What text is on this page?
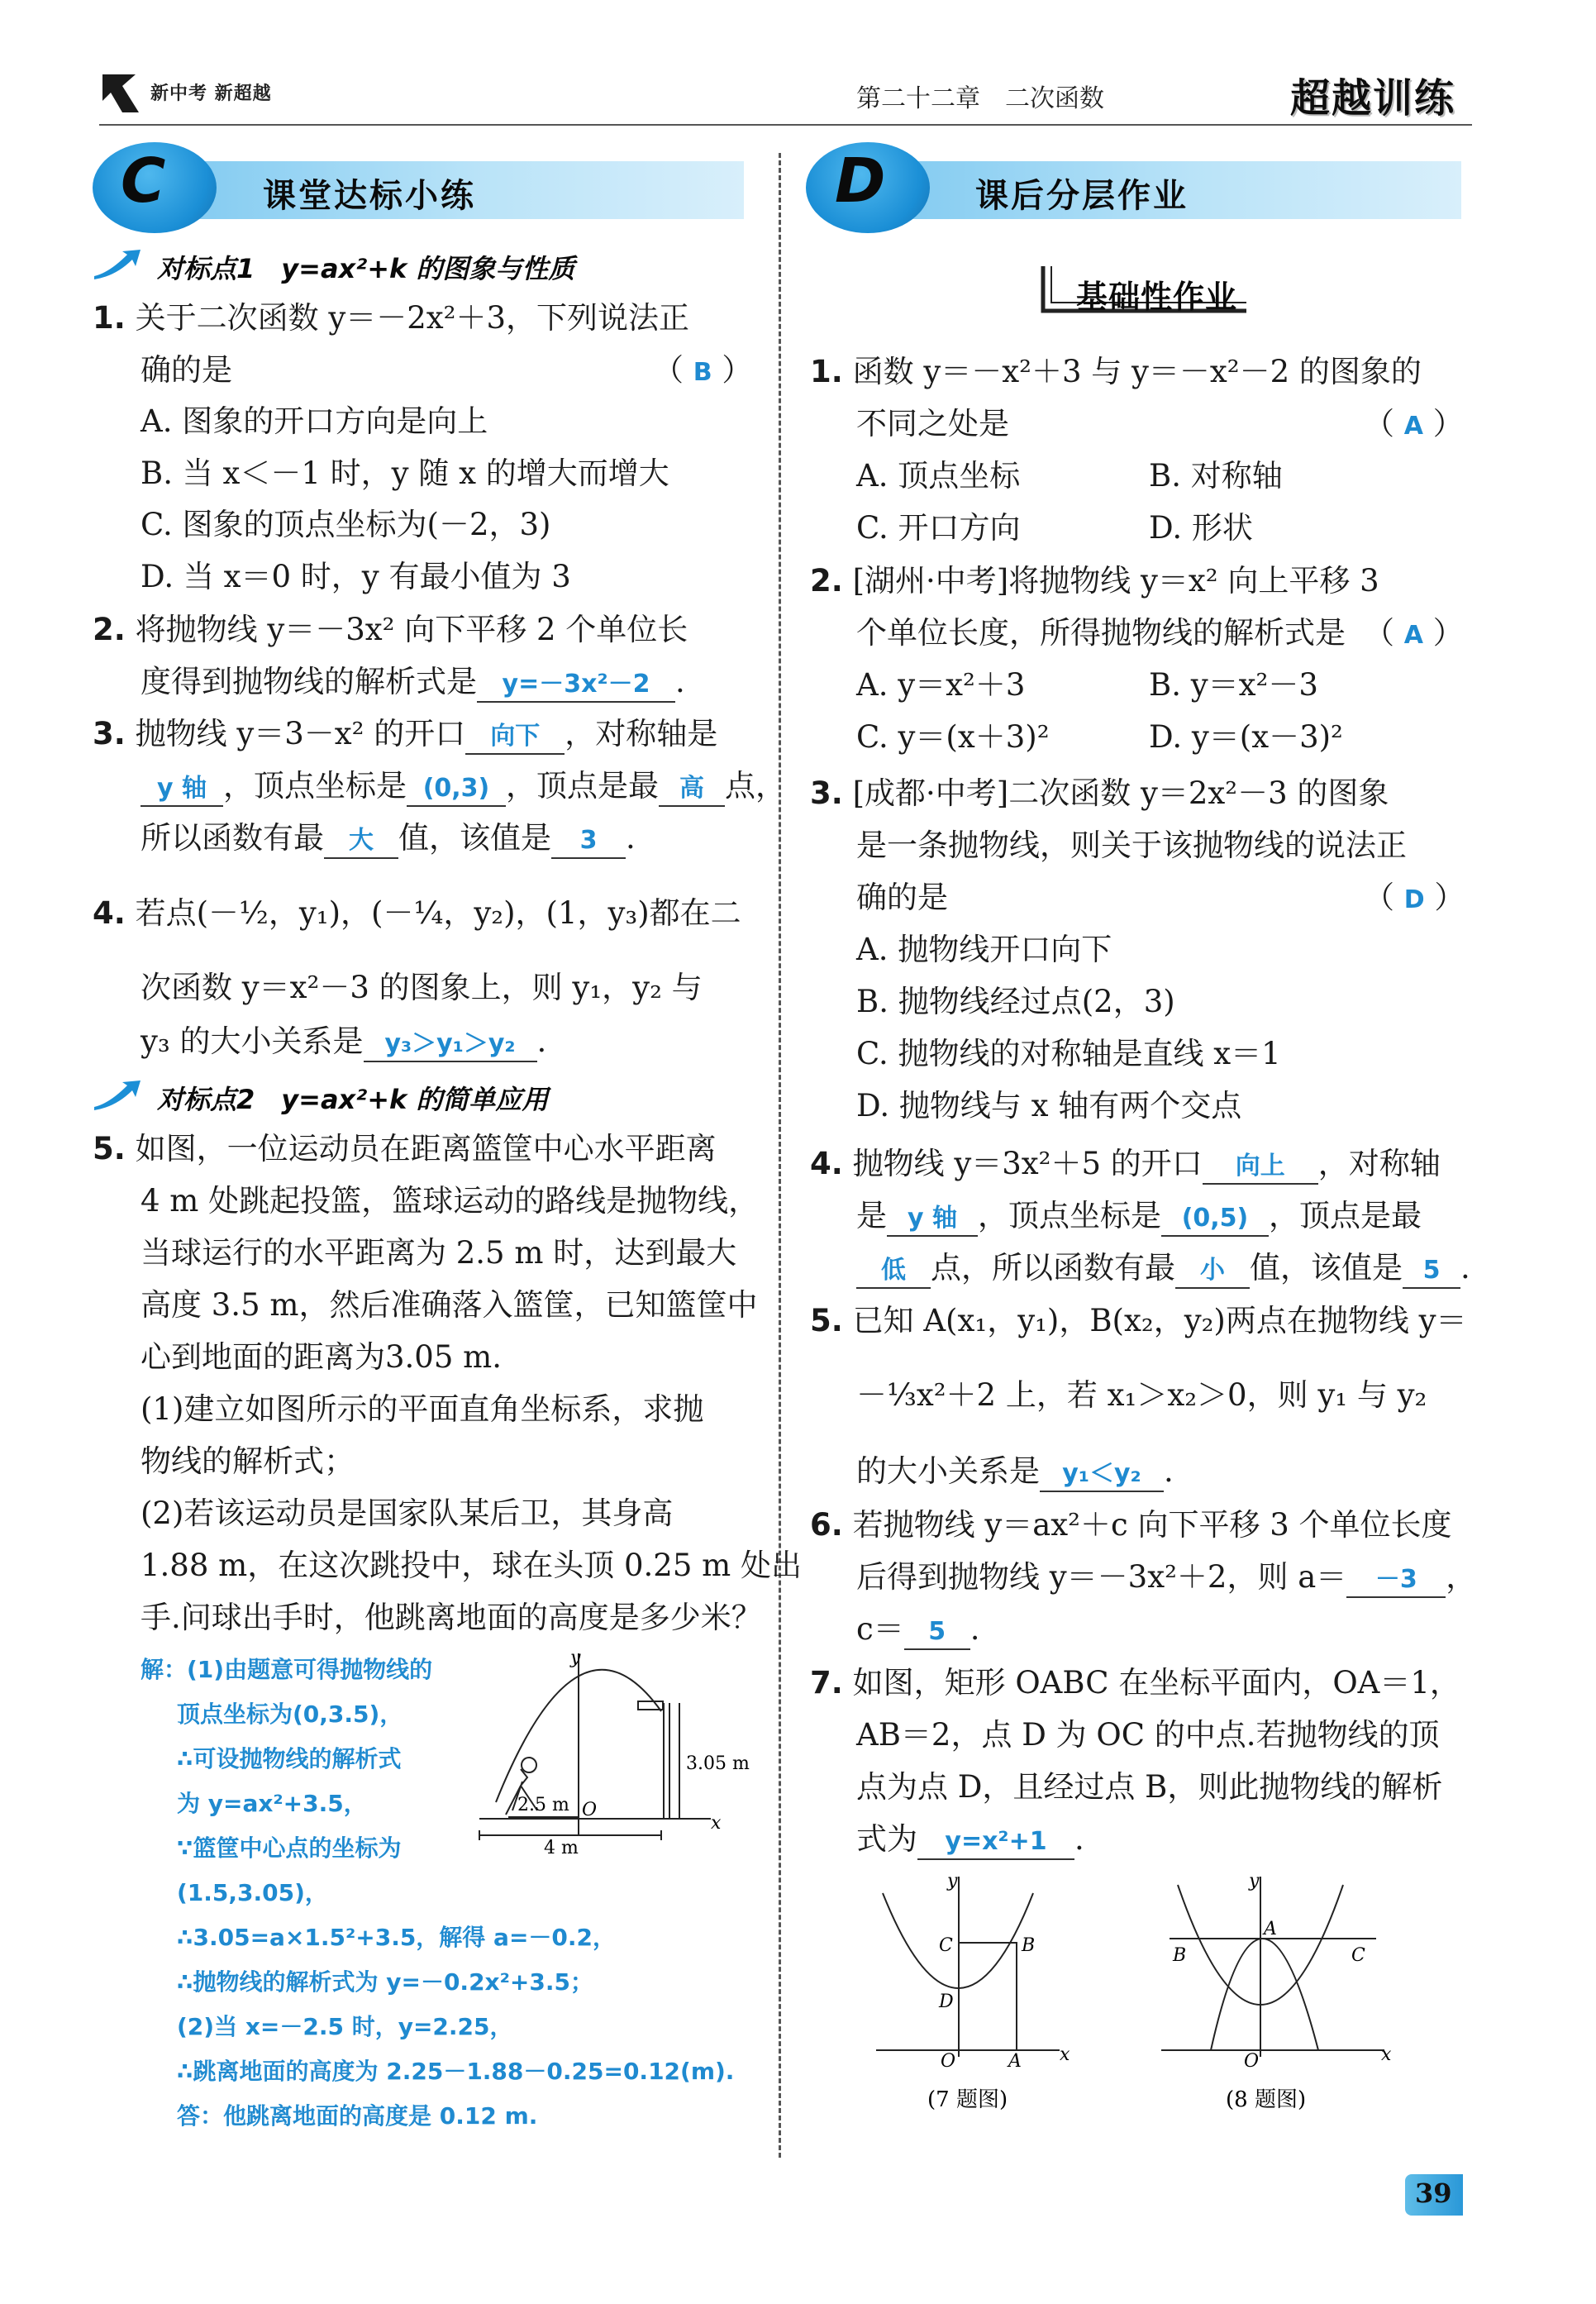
新中考 新超越	第二十二章　二次函数	超越训练
C	课堂达标小练	D	课后分层作业
对标点1　y=ax²+k 的图象与性质
1. 关于二次函数 y＝－2x²＋3，下列说法正
确的是	（ B ）
A. 图象的开口方向是向上
B. 当 x＜－1 时，y 随 x 的增大而增大
C. 图象的顶点坐标为(－2，3)
D. 当 x＝0 时，y 有最小值为 3
2. 将抛物线 y＝－3x² 向下平移 2 个单位长
度得到抛物线的解析式是 y=－3x²－2 .
3. 抛物线 y＝3－x² 的开口 向下 ，对称轴是
y 轴 ，顶点坐标是 (0,3) ，顶点是最 高 点，
所以函数有最 大 值，该值是 3 .
4. 若点(－½，y₁)，(－¼，y₂)，(1，y₃)都在二
次函数 y＝x²－3 的图象上，则 y₁，y₂ 与
y₃ 的大小关系是 y₃＞y₁＞y₂ .
对标点2　y=ax²+k 的简单应用
5. 如图，一位运动员在距离篮筐中心水平距离
4 m 处跳起投篮，篮球运动的路线是抛物线，
当球运行的水平距离为 2.5 m 时，达到最大
高度 3.5 m，然后准确落入篮筐，已知篮筐中
心到地面的距离为3.05 m.
(1)建立如图所示的平面直角坐标系，求抛
物线的解析式；
(2)若该运动员是国家队某后卫，其身高
1.88 m，在这次跳投中，球在头顶 0.25 m 处出
手.问球出手时，他跳离地面的高度是多少米？
解：(1)由题意可得抛物线的
顶点坐标为(0,3.5)，
∴可设抛物线的解析式
为 y=ax²+3.5，
∵篮筐中心点的坐标为
(1.5,3.05)，
∴3.05=a×1.5²+3.5，解得 a=－0.2，
∴抛物线的解析式为 y=－0.2x²+3.5；
(2)当 x=－2.5 时，y=2.25，
∴跳离地面的高度为 2.25－1.88－0.25=0.12(m).
答：他跳离地面的高度是 0.12 m.
y
x
O
2.5 m
4 m
3.05 m
基础性作业
1. 函数 y＝－x²＋3 与 y＝－x²－2 的图象的
不同之处是	（ A ）
A. 顶点坐标	B. 对称轴
C. 开口方向	D. 形状
2. [湖州·中考]将抛物线 y＝x² 向上平移 3
个单位长度，所得抛物线的解析式是 （ A ）
A. y＝x²＋3	B. y＝x²－3
C. y＝(x＋3)²	D. y＝(x－3)²
3. [成都·中考]二次函数 y＝2x²－3 的图象
是一条抛物线，则关于该抛物线的说法正
确的是	（ D ）
A. 抛物线开口向下
B. 抛物线经过点(2，3)
C. 抛物线的对称轴是直线 x＝1
D. 抛物线与 x 轴有两个交点
4. 抛物线 y＝3x²＋5 的开口 向上 ，对称轴
是 y 轴 ，顶点坐标是 (0,5) ，顶点是最
低 点，所以函数有最 小 值，该值是 5 .
5. 已知 A(x₁，y₁)，B(x₂，y₂)两点在抛物线 y＝
－⅓x²＋2 上，若 x₁＞x₂＞0，则 y₁ 与 y₂
的大小关系是 y₁＜y₂ .
6. 若抛物线 y＝ax²＋c 向下平移 3 个单位长度
后得到抛物线 y＝－3x²＋2，则 a＝ －3 ，
c＝ 5 .
7. 如图，矩形 OABC 在坐标平面内，OA＝1，
AB＝2，点 D 为 OC 的中点.若抛物线的顶
点为点 D，且经过点 B，则此抛物线的解析
式为 y=x²+1 .
y
x
O	A
B
C
D
(7 题图)
y
x
O
A
B	C
(8 题图)
39
